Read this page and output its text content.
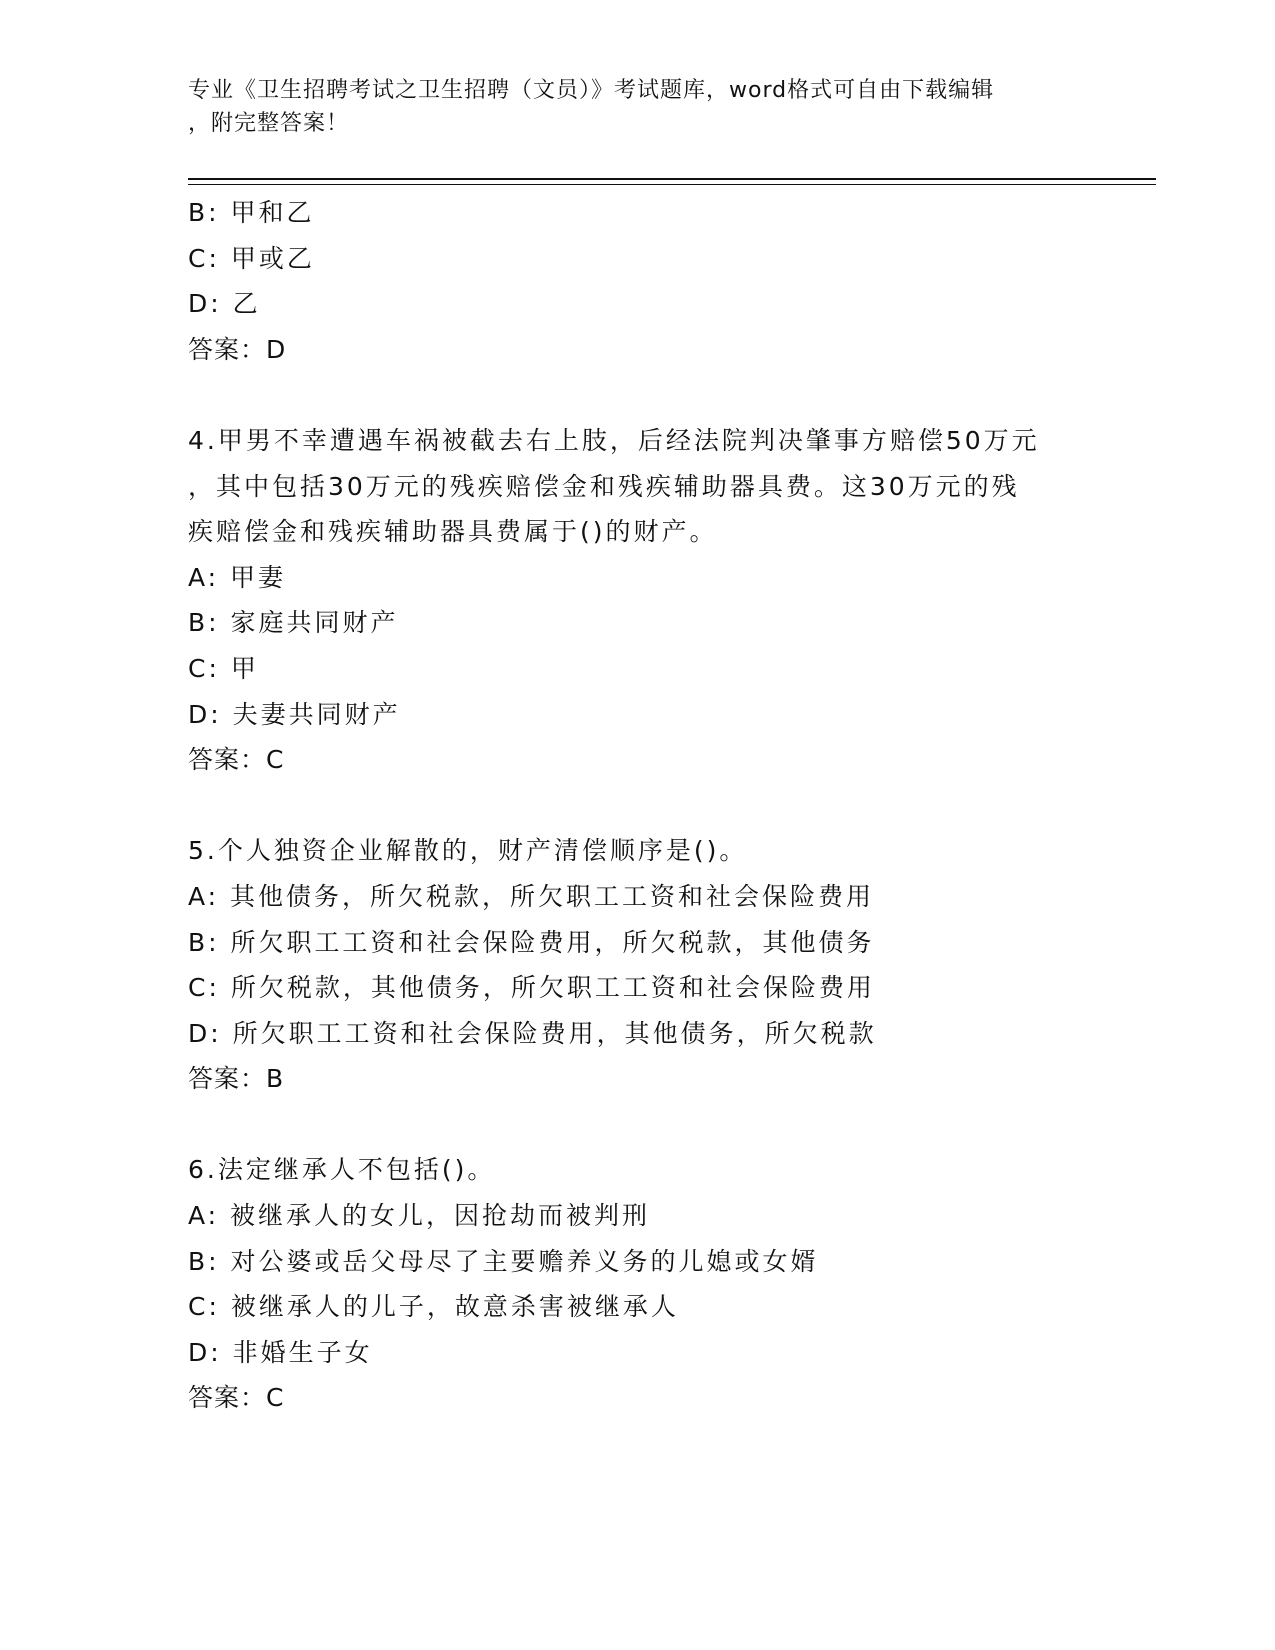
专业《卫生招聘考试之卫生招聘（文员）》考试题库，word格式可自由下载编辑
，附完整答案！
B: 甲和乙
C: 甲或乙
D: 乙
答案：D
4.甲男不幸遭遇车祸被截去右上肢，后经法院判决肇事方赔偿50万元
，其中包括30万元的残疾赔偿金和残疾辅助器具费。这30万元的残
疾赔偿金和残疾辅助器具费属于()的财产。
A: 甲妻
B: 家庭共同财产
C: 甲
D: 夫妻共同财产
答案：C
5.个人独资企业解散的，财产清偿顺序是()。
A: 其他债务，所欠税款，所欠职工工资和社会保险费用
B: 所欠职工工资和社会保险费用，所欠税款，其他债务
C: 所欠税款，其他债务，所欠职工工资和社会保险费用
D: 所欠职工工资和社会保险费用，其他债务，所欠税款
答案：B
6.法定继承人不包括()。
A: 被继承人的女儿，因抢劫而被判刑
B: 对公婆或岳父母尽了主要赡养义务的儿媳或女婿
C: 被继承人的儿子，故意杀害被继承人
D: 非婚生子女
答案：C
